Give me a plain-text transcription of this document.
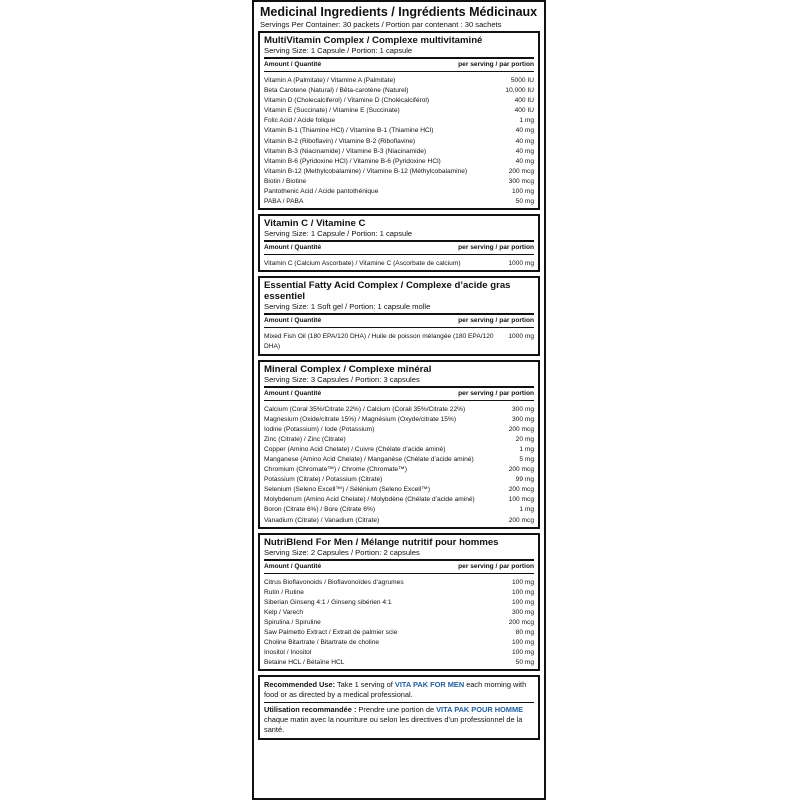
Medicinal Ingredients / Ingrédients Médicinaux
Servings Per Container: 30 packets / Portion par contenant : 30 sachets
MultiVitamin Complex / Complexe multivitaminé
Serving Size: 1 Capsule / Portion: 1 capsule
Amount / Quantité	per serving / par portion
Vitamin A (Palmitate) / Vitamine A (Palmitate)	5000 IU
Beta Carotene (Natural) / Bêta-carotène (Naturel)	10,000 IU
Vitamin D (Cholecalciferol) / Vitamine D (Cholécalciférol)	400 IU
Vitamin E (Succinate) / Vitamine E (Succinate)	400 IU
Folic Acid / Acide folique	1 mg
Vitamin B-1 (Thiamine HCl) / Vitamine B-1 (Thiamine HCl)	40 mg
Vitamin B-2 (Riboflavin) / Vitamine B-2 (Riboflavine)	40 mg
Vitamin B-3 (Niacinamide) / Vitamine B-3 (Niacinamide)	40 mg
Vitamin B-6 (Pyridoxine HCl) / Vitamine B-6 (Pyridoxine HCl)	40 mg
Vitamin B-12 (Methylcobalamine) / Vitamine B-12 (Méthylcobalamine)	200 mcg
Biotin / Biotine	300 mcg
Pantothenic Acid / Acide pantothénique	100 mg
PABA / PABA	50 mg
Vitamin C / Vitamine C
Serving Size: 1 Capsule / Portion: 1 capsule
Amount / Quantité	per serving / par portion
Vitamin C (Calcium Ascorbate) / Vitamine C (Ascorbate de calcium)	1000 mg
Essential Fatty Acid Complex / Complexe d’acide gras essentiel
Serving Size: 1 Soft gel / Portion: 1 capsule molle
Amount / Quantité	per serving / par portion
Mixed Fish Oil (180 EPA/120 DHA) / Huile de poisson mélangée (180 EPA/120 DHA)
1000 mg
Mineral Complex / Complexe minéral
Serving Size: 3 Capsules / Portion: 3 capsules
Amount / Quantité	per serving / par portion
Calcium (Coral 35%/Citrate 22%) / Calcium (Corail 35%/Citrate 22%)	300 mg
Magnesium (Oxide/citrate 15%) / Magnésium (Oxyde/citrate 15%)	300 mg
Iodine (Potassium) / Iode (Potassium)	200 mcg
Zinc (Citrate) / Zinc (Citrate)	20 mg
Copper (Amino Acid Chelate) / Cuivre (Chélate d’acide aminé)	1 mg
Manganese (Amino Acid Chelate) / Manganèse (Chélate d’acide aminé)	5 mg
Chromium (Chromate™) / Chrome (Chromate™)	200 mcg
Potassium (Citrate) / Potassium (Citrate)	99 mg
Selenium (Seleno Excell™) / Sélénium (Seleno Excell™)	200 mcg
Molybdenum (Amino Acid Chelate) / Molybdène (Chélate d’acide aminé)	100 mcg
Boron (Citrate 6%) / Bore (Citrate 6%)	1 mg
Vanadium (Citrate) / Vanadium (Citrate)	200 mcg
NutriBlend For Men / Mélange nutritif pour hommes
Serving Size: 2 Capsules / Portion: 2 capsules
Amount / Quantité	per serving / par portion
Citrus Bioflavonoids / Bioflavonoïdes d’agrumes	100 mg
Rutin / Rutine	100 mg
Siberian Ginseng 4:1 / Ginseng sibérien 4:1	100 mg
Kelp / Varech	300 mg
Spirulina / Spiruline	200 mcg
Saw Palmetto Extract / Extrait de palmier scie	80 mg
Choline Bitartrate / Bitartrate de choline	100 mg
Inositol / Inositol	100 mg
Betaine HCL / Bétaïne HCL	50 mg

Recommended Use: Take 1 serving of VITA PAK FOR MEN each morning with food or as directed by a medical professional.

Utilisation recommandée : Prendre une portion de VITA PAK POUR HOMME chaque matin avec la nourriture ou selon les directives d’un professionnel de la santé.
